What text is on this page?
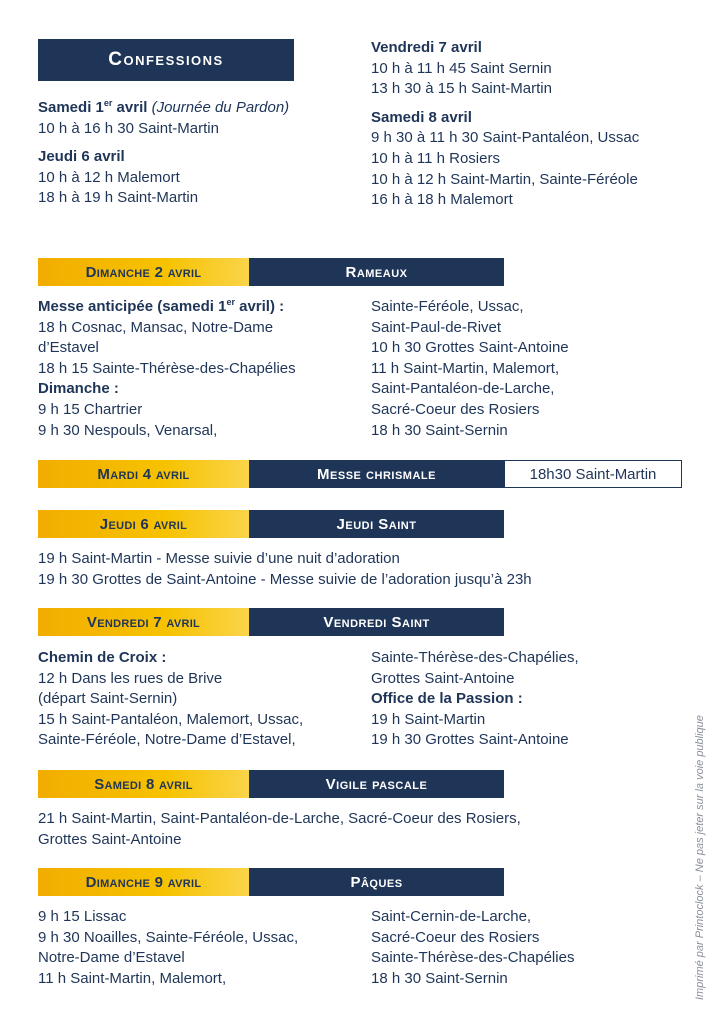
Confessions
Samedi 1er avril (Journée du Pardon)
10 h à 16 h 30 Saint-Martin
Jeudi 6 avril
10 h à 12 h Malemort
18 h à 19 h Saint-Martin
Vendredi 7 avril
10 h à 11 h 45 Saint Sernin
13 h 30 à 15 h Saint-Martin
Samedi 8 avril
9 h 30 à 11 h 30 Saint-Pantaléon, Ussac
10 h à 11 h Rosiers
10 h à 12 h Saint-Martin, Sainte-Féréole
16 h à 18 h Malemort
Dimanche 2 avril	Rameaux
Messe anticipée (samedi 1er avril) :
18 h Cosnac, Mansac, Notre-Dame
d’Estavel
18 h 15 Sainte-Thérèse-des-Chapélies
Dimanche :
9 h 15 Chartrier
9 h 30 Nespouls, Venarsal,
Sainte-Féréole, Ussac,
Saint-Paul-de-Rivet
10 h 30 Grottes Saint-Antoine
11 h Saint-Martin, Malemort,
Saint-Pantaléon-de-Larche,
Sacré-Coeur des Rosiers
18 h 30 Saint-Sernin
Mardi 4 avril	Messe chrismale	18h30 Saint-Martin
Jeudi 6 avril	Jeudi Saint
19 h Saint-Martin - Messe suivie d’une nuit d’adoration
19 h 30 Grottes de Saint-Antoine - Messe suivie de l’adoration jusqu’à 23h
Vendredi 7 avril	Vendredi Saint
Chemin de Croix :
12 h Dans les rues de Brive
(départ Saint-Sernin)
15 h Saint-Pantaléon, Malemort, Ussac,
Sainte-Féréole, Notre-Dame d’Estavel,
Sainte-Thérèse-des-Chapélies,
Grottes Saint-Antoine
Office de la Passion :
19 h Saint-Martin
19 h 30 Grottes Saint-Antoine
Samedi 8 avril	Vigile pascale
21 h Saint-Martin, Saint-Pantaléon-de-Larche, Sacré-Coeur des Rosiers,
Grottes Saint-Antoine
Dimanche 9 avril	Pâques
9 h 15 Lissac
9 h 30 Noailles, Sainte-Féréole, Ussac,
Notre-Dame d’Estavel
11 h Saint-Martin, Malemort,
Saint-Cernin-de-Larche,
Sacré-Coeur des Rosiers
Sainte-Thérèse-des-Chapélies
18 h 30 Saint-Sernin	Imprimé par Printoclock – Ne pas jeter sur la voie publique
